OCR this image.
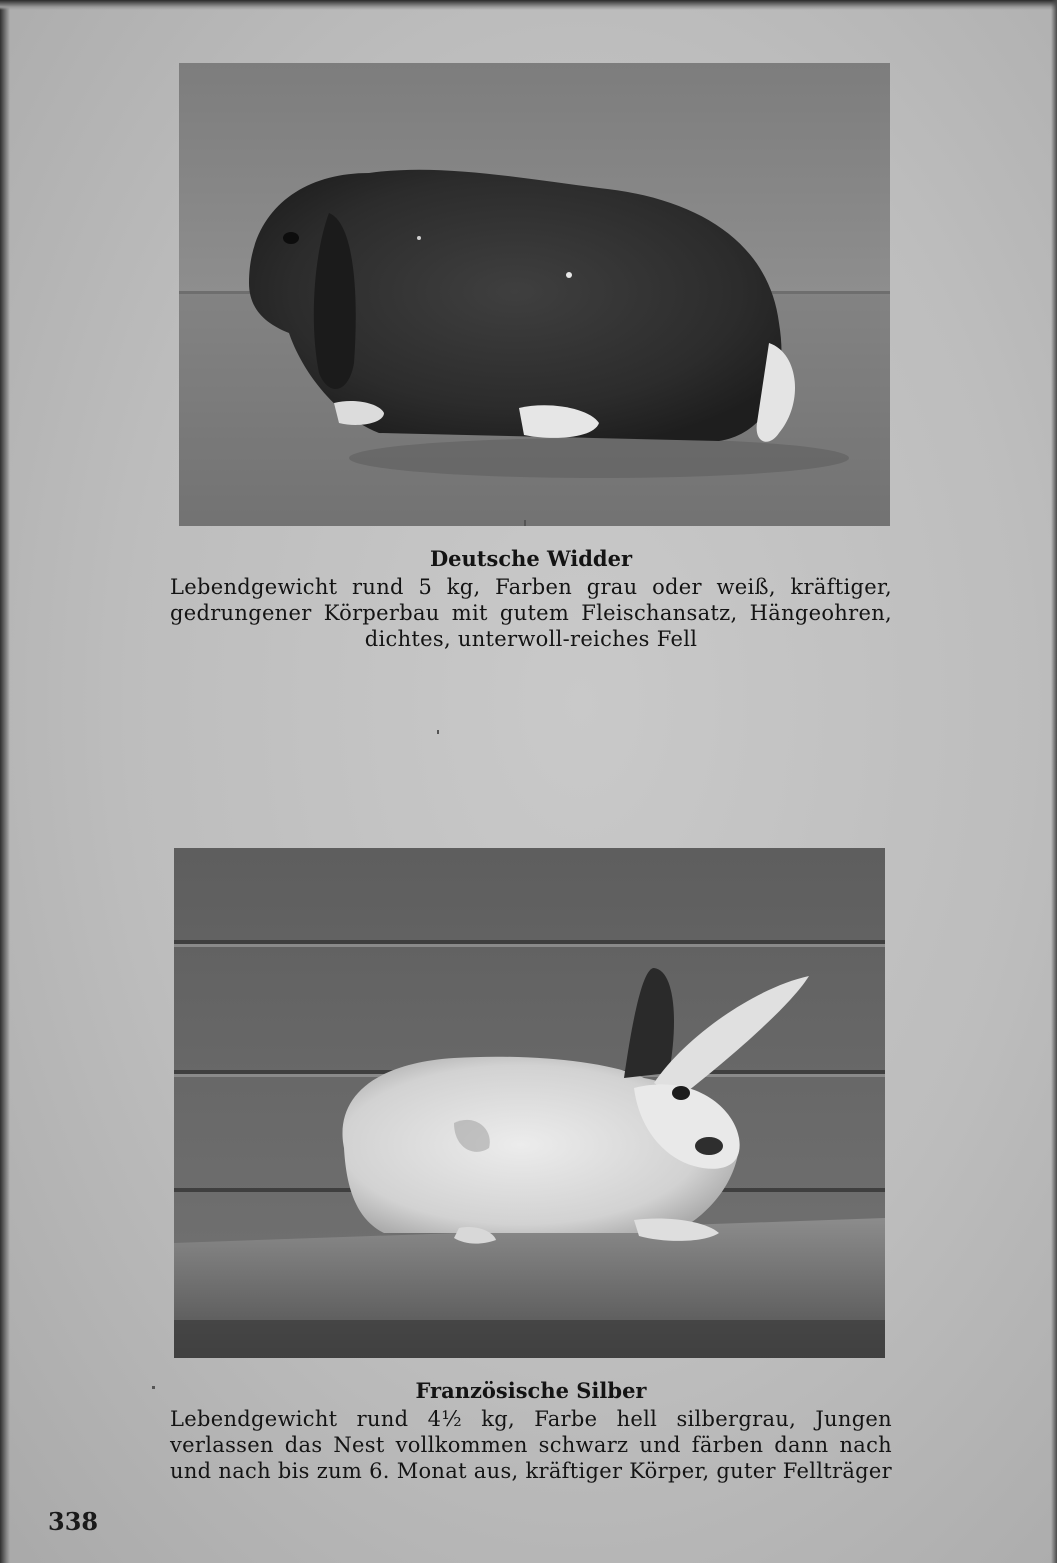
Deutsche Widder
Lebendgewicht rund 5 kg, Farben grau oder weiß, kräftiger, gedrungener Körperbau mit gutem Fleischansatz, Hängeohren, dichtes, unterwoll-reiches Fell
Französische Silber
Lebendgewicht rund 4½ kg, Farbe hell silbergrau, Jungen verlassen das Nest vollkommen schwarz und färben dann nach und nach bis zum 6. Monat aus, kräftiger Körper, guter Fellträger
338
